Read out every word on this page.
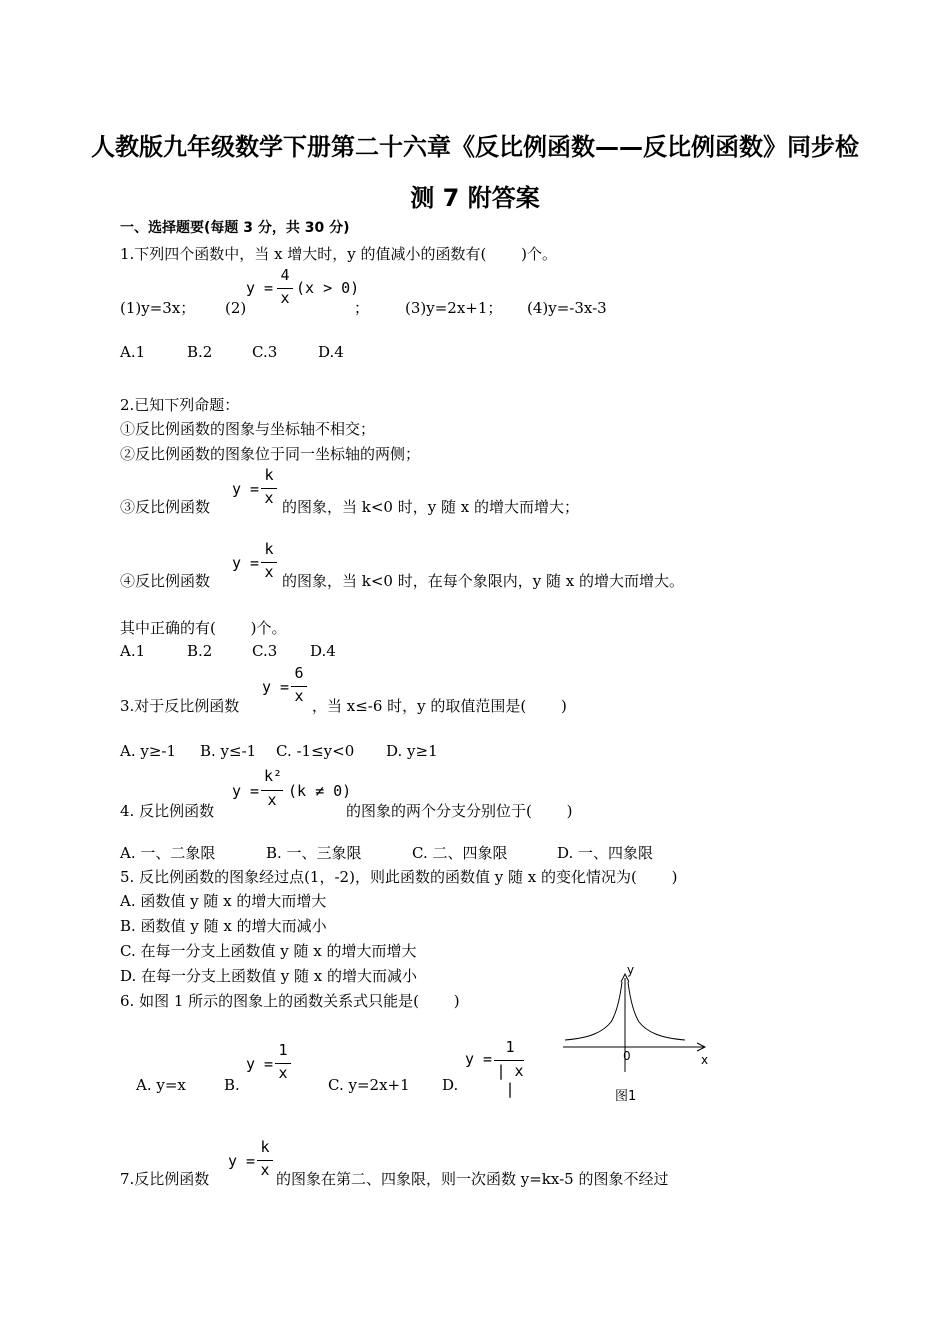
人教版九年级数学下册第二十六章《反比例函数——反比例函数》同步检
测 7 附答案
一、选择题要(每题 3 分，共 30 分)
1.下列四个函数中，当 x 增大时，y 的值减小的函数有(　　 )个。
y =
4
x
(x > 0)
(1)y=3x； (2)	； (3)y=2x+1； (4)y=-3x-3
A.1	B.2	C.3	D.4
2.已知下列命题：
①反比例函数的图象与坐标轴不相交；
②反比例函数的图象位于同一坐标轴的两侧；
y =
k
x
③反比例函数	的图象，当 k<0 时，y 随 x 的增大而增大；
y =
k
x
④反比例函数	的图象，当 k<0 时，在每个象限内，y 随 x 的增大而增大。
其中正确的有(　　 )个。
A.1	B.2	C.3 D.4
y =
6
x
3.对于反比例函数	，当 x≤-6 时，y 的取值范围是(　　 )
A. y≥-1 B. y≤-1 C. -1≤y<0 D. y≥1
y =
k²
x (k ≠ 0)
4. 反比例函数	的图象的两个分支分别位于(　　 )
A. 一、二象限	B. 一、三象限	C. 二、四象限	D. 一、四象限
5. 反比例函数的图象经过点(1，-2)，则此函数的函数值 y 随 x 的变化情况为(　　 )
A. 函数值 y 随 x 的增大而增大
B. 函数值 y 随 x 的增大而减小
C. 在每一分支上函数值 y 随 x 的增大而增大
D. 在每一分支上函数值 y 随 x 的增大而减小
6. 如图 1 所示的图象上的函数关系式只能是(　　 )
y =
1
x
y =
1
| x |
A. y=x	B.	C. y=2x+1 D.
y
x
0
图1
y =
k
x
7.反比例函数	的图象在第二、四象限，则一次函数 y=kx-5 的图象不经过
